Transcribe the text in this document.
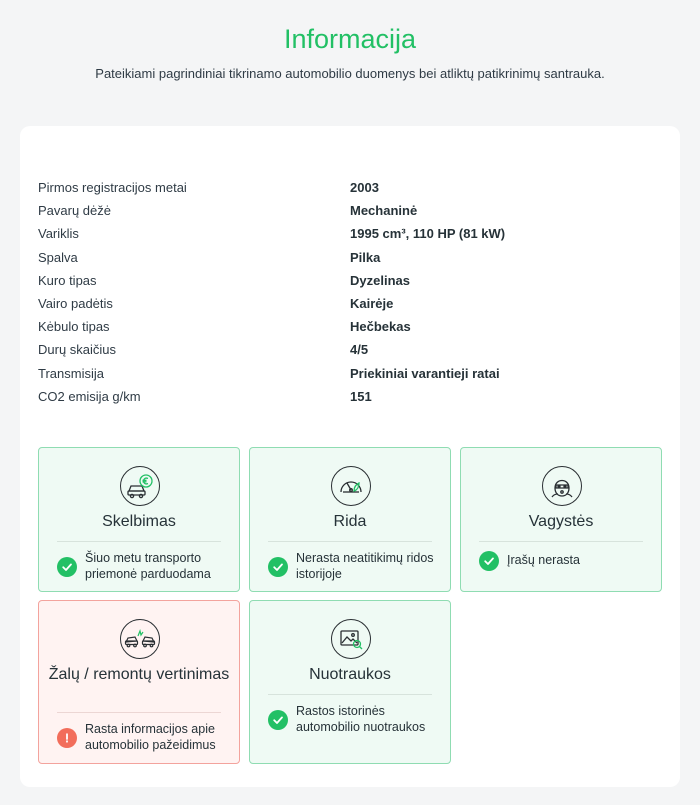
Informacija

Pateikiami pagrindiniai tikrinamo automobilio duomenys bei atliktų patikrinimų santrauka.

Pirmos registracijos metai	2003
Pavarų dėžė	Mechaninė
Variklis	1995 cm³, 110 HP (81 kW)
Spalva	Pilka
Kuro tipas	Dyzelinas
Vairo padėtis	Kairėje
Kėbulo tipas	Hečbekas
Durų skaičius	4/5
Transmisija	Priekiniai varantieji ratai
CO2 emisija g/km	151
Skelbimas
Šiuo metu transporto priemonė parduodama
Rida
Nerasta neatitikimų ridos istorijoje
Vagystės
Įrašų nerasta
Žalų / remontų vertinimas
Rasta informacijos apie automobilio pažeidimus
Nuotraukos
Rastos istorinės automobilio nuotraukos
